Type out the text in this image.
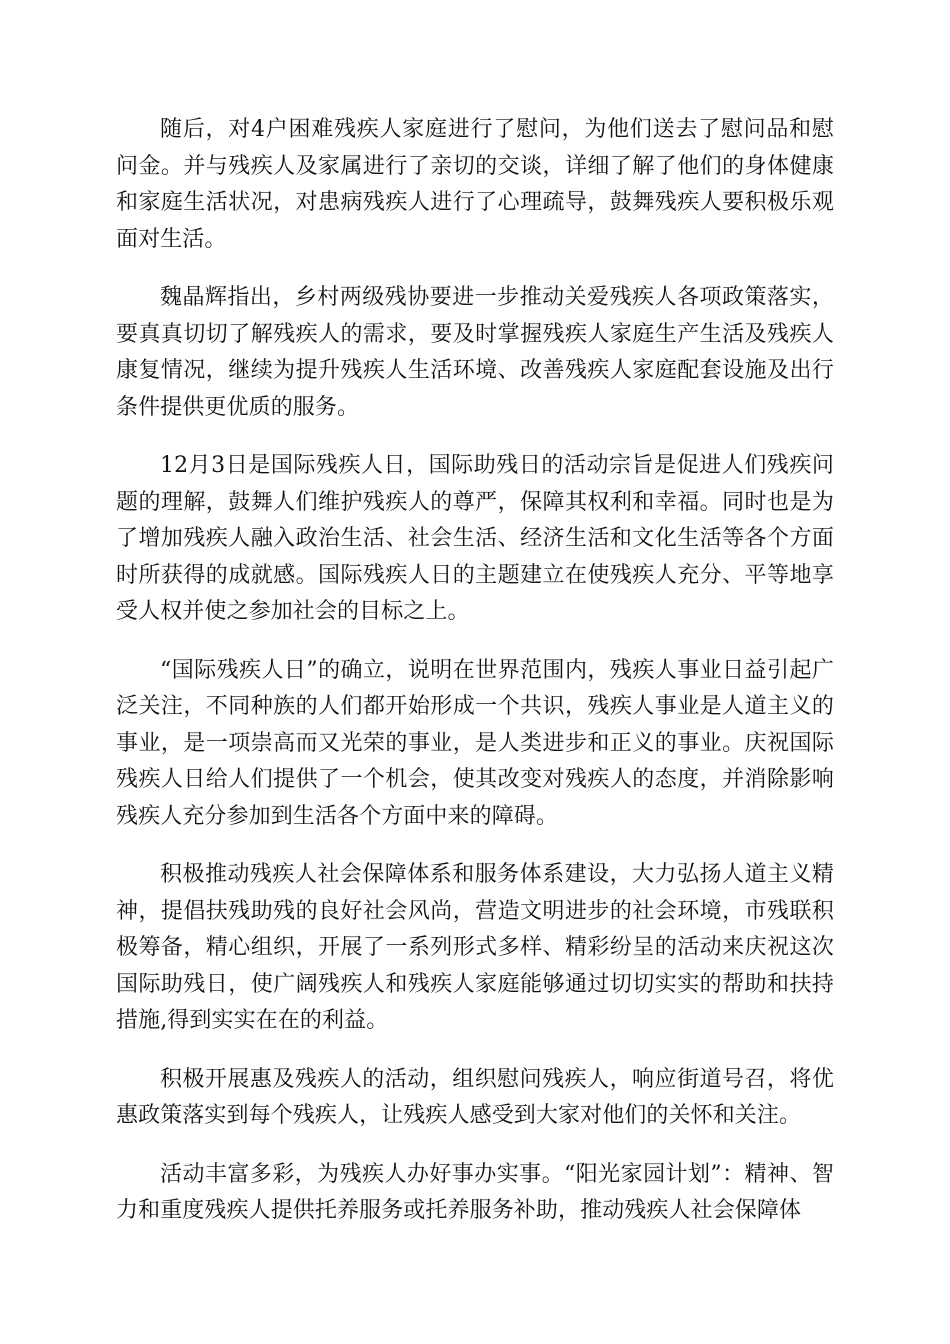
随后，对4户困难残疾人家庭进行了慰问，为他们送去了慰问品和慰问金。并与残疾人及家属进行了亲切的交谈，详细了解了他们的身体健康和家庭生活状况，对患病残疾人进行了心理疏导，鼓舞残疾人要积极乐观面对生活。

魏晶辉指出，乡村两级残协要进一步推动关爱残疾人各项政策落实，要真真切切了解残疾人的需求，要及时掌握残疾人家庭生产生活及残疾人康复情况，继续为提升残疾人生活环境、改善残疾人家庭配套设施及出行条件提供更优质的服务。

12月3日是国际残疾人日，国际助残日的活动宗旨是促进人们残疾问题的理解，鼓舞人们维护残疾人的尊严，保障其权利和幸福。同时也是为了增加残疾人融入政治生活、社会生活、经济生活和文化生活等各个方面时所获得的成就感。国际残疾人日的主题建立在使残疾人充分、平等地享受人权并使之参加社会的目标之上。

“国际残疾人日”的确立，说明在世界范围内，残疾人事业日益引起广泛关注，不同种族的人们都开始形成一个共识，残疾人事业是人道主义的事业，是一项崇高而又光荣的事业，是人类进步和正义的事业。庆祝国际残疾人日给人们提供了一个机会，使其改变对残疾人的态度，并消除影响残疾人充分参加到生活各个方面中来的障碍。

积极推动残疾人社会保障体系和服务体系建设，大力弘扬人道主义精神，提倡扶残助残的良好社会风尚，营造文明进步的社会环境，市残联积极筹备，精心组织，开展了一系列形式多样、精彩纷呈的活动来庆祝这次国际助残日，使广阔残疾人和残疾人家庭能够通过切切实实的帮助和扶持措施,得到实实在在的利益。

积极开展惠及残疾人的活动，组织慰问残疾人，响应街道号召，将优惠政策落实到每个残疾人，让残疾人感受到大家对他们的关怀和关注。

活动丰富多彩，为残疾人办好事办实事。“阳光家园计划”：精神、智力和重度残疾人提供托养服务或托养服务补助，推动残疾人社会保障体
